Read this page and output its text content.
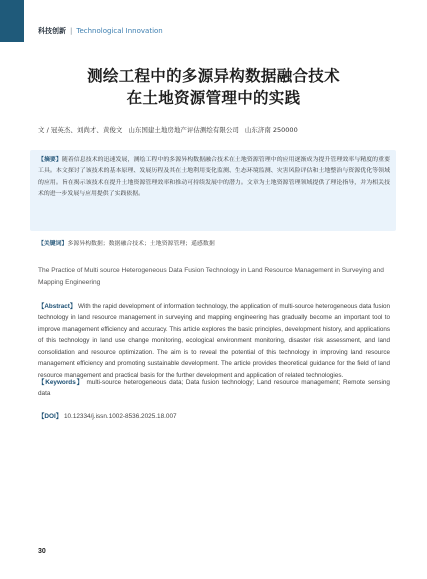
科技创新 | Technological Innovation
测绘工程中的多源异构数据融合技术
在土地资源管理中的实践
文 / 冠英杰、刘尚才、黄俊文 山东国建土地房地产评估测绘有限公司 山东济南 250000
【摘要】随着信息技术的迅速发展，测绘工程中的多源异构数据融合技术在土地资源管理中的应用逐渐成为提升管理效率与精度的重要工具。本文探讨了该技术的基本原理、发展历程及其在土地利用变化监测、生态环境监测、灾害风险评估和土地整治与资源优化等领域的应用。旨在揭示该技术在提升土地资源管理效率和推动可持续发展中的潜力。文章为土地资源管理领域提供了理论指导，并为相关技术的进一步发展与应用提供了实践依据。
【关键词】多源异构数据；数据融合技术；土地资源管理；遥感数据
The Practice of Multi source Heterogeneous Data Fusion Technology in Land Resource Management in Surveying and Mapping Engineering
【Abstract】 With the rapid development of information technology, the application of multi-source heterogeneous data fusion technology in land resource management in surveying and mapping engineering has gradually become an important tool to improve management efficiency and accuracy. This article explores the basic principles, development history, and applications of this technology in land use change monitoring, ecological environment monitoring, disaster risk assessment, and land consolidation and resource optimization. The aim is to reveal the potential of this technology in improving land resource management efficiency and promoting sustainable development. The article provides theoretical guidance for the field of land resource management and practical basis for the further development and application of related technologies.
【Keywords】 multi-source heterogeneous data; Data fusion technology; Land resource management; Remote sensing data
【DOI】 10.12334/j.issn.1002-8536.2025.18.007
30
